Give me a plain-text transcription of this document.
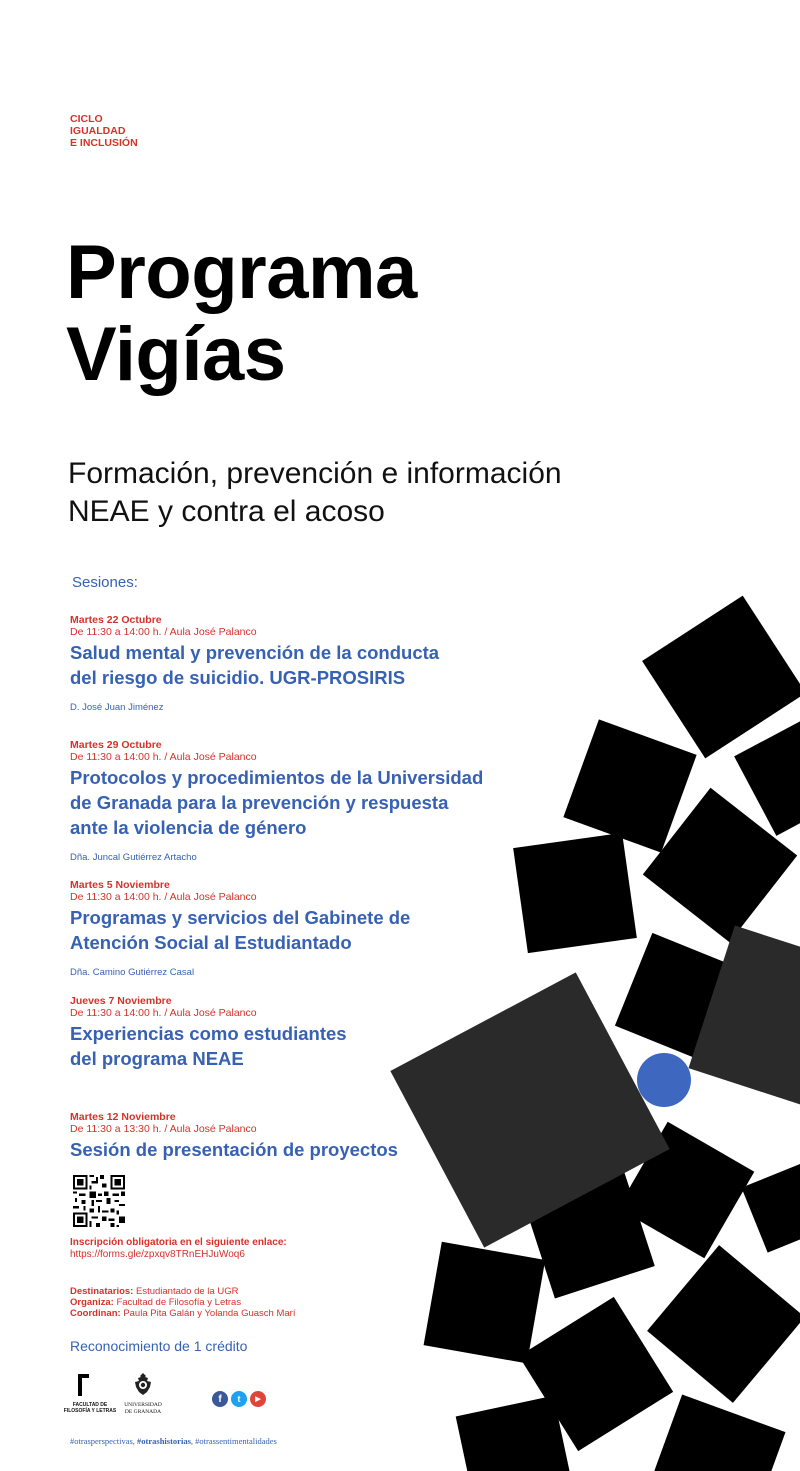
CICLO
IGUALDAD
E INCLUSIÓN
Programa
Vigías
Formación, prevención e información
NEAE y contra el acoso
Sesiones:
Martes 22 Octubre
De 11:30 a 14:00 h. / Aula José Palanco
Salud mental y prevención de la conducta
del riesgo de suicidio. UGR-PROSIRIS
D. José Juan Jiménez
Martes 29 Octubre
De 11:30 a 14:00 h. / Aula José Palanco
Protocolos y procedimientos de la Universidad
de Granada para la prevención y respuesta
ante la violencia de género
Dña. Juncal Gutiérrez Artacho
Martes 5 Noviembre
De 11:30 a 14:00 h. / Aula José Palanco
Programas y servicios del Gabinete de
Atención Social al Estudiantado
Dña. Camino Gutiérrez Casal
Jueves 7 Noviembre
De 11:30 a 14:00 h. / Aula José Palanco
Experiencias como estudiantes
del programa NEAE
Martes 12 Noviembre
De 11:30 a 13:30 h. / Aula José Palanco
Sesión de presentación de proyectos
Inscripción obligatoria en el siguiente enlace:
https://forms.gle/zpxqv8TRnEHJuWoq6
Destinatarios: Estudiantado de la UGR
Organiza: Facultad de Filosofía y Letras
Coordinan: Paula Pita Galán y Yolanda Guasch Marí
Reconocimiento de 1 crédito
FACULTAD DE
FILOSOFÍA Y LETRAS
UNIVERSIDAD
DE GRANADA
f	t	▶
#otrasperspectivas, #otrashistorias, #otrassentimentalidades
